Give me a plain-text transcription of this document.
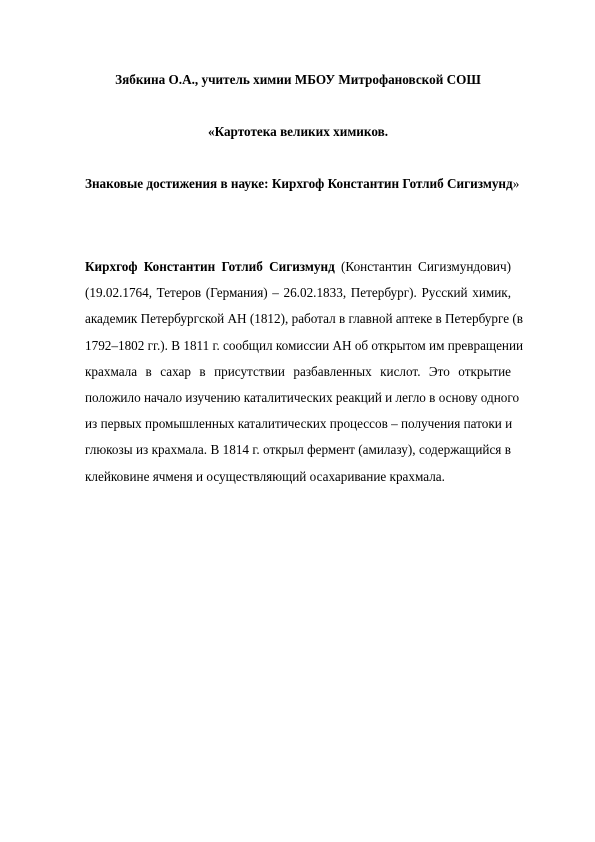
Зябкина О.А., учитель химии МБОУ Митрофановской СОШ
«Картотека великих химиков.
Знаковые достижения в науке: Кирхгоф Константин Готлиб Сигизмунд»
Кирхгоф Константин Готлиб Сигизмунд (Константин Сигизмундович)
(19.02.1764, Тетеров (Германия) – 26.02.1833, Петербург). Русский химик,
академик Петербургской АН (1812), работал в главной аптеке в Петербурге (в
1792–1802 гг.). В 1811 г. сообщил комиссии АН об открытом им превращении
крахмала в сахар в присутствии разбавленных кислот. Это открытие
положило начало изучению каталитических реакций и легло в основу одного
из первых промышленных каталитических процессов – получения патоки и
глюкозы из крахмала. В 1814 г. открыл фермент (амилазу), содержащийся в
клейковине ячменя и осуществляющий осахаривание крахмала.
